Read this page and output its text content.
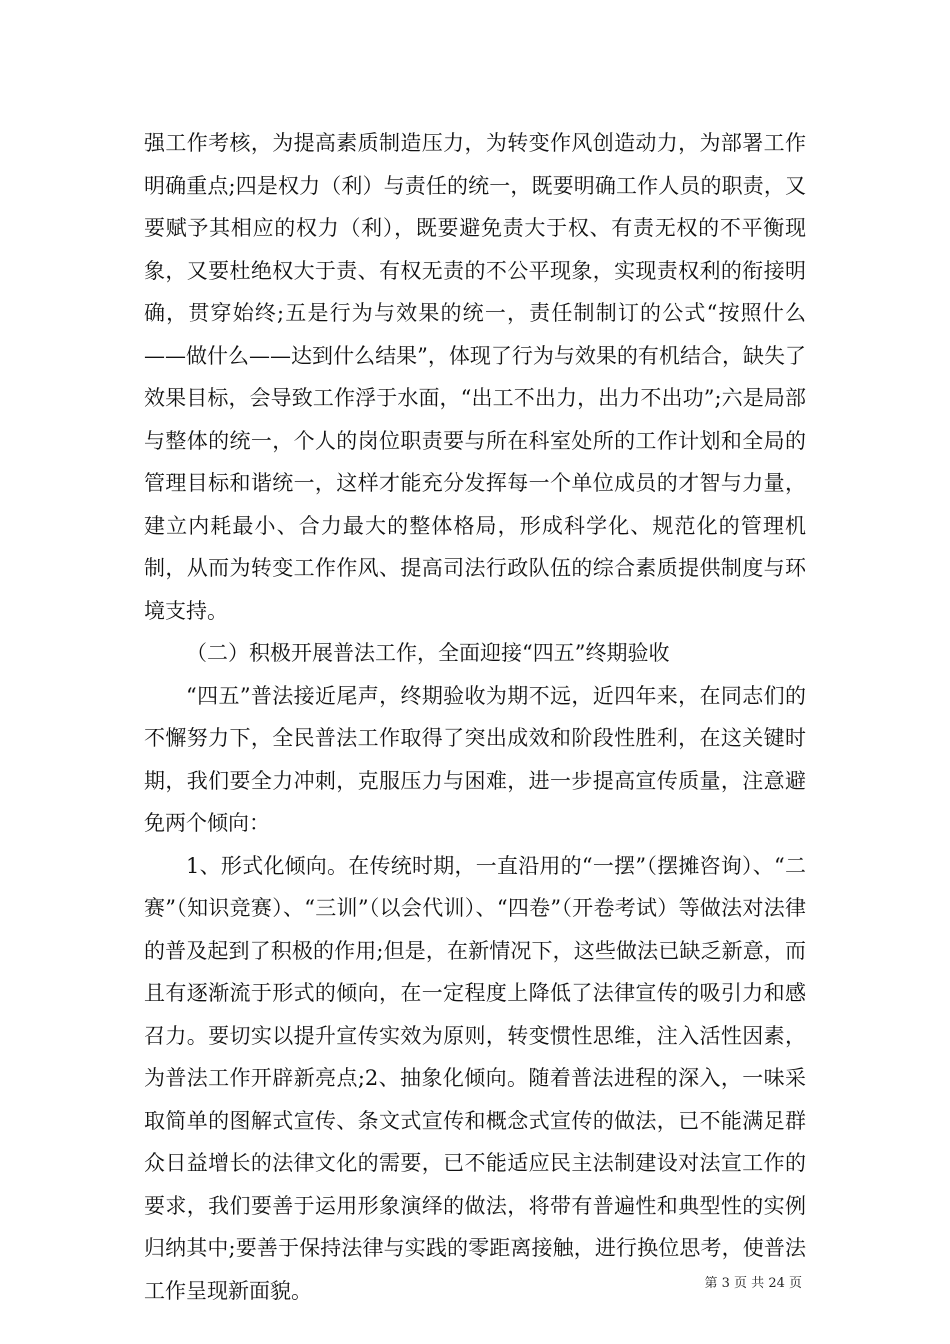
强工作考核，为提高素质制造压力，为转变作风创造动力，为部署工作明确重点;四是权力（利）与责任的统一，既要明确工作人员的职责，又要赋予其相应的权力（利），既要避免责大于权、有责无权的不平衡现象，又要杜绝权大于责、有权无责的不公平现象，实现责权利的衔接明确，贯穿始终;五是行为与效果的统一，责任制制订的公式“按照什么——做什么——达到什么结果”，体现了行为与效果的有机结合，缺失了效果目标，会导致工作浮于水面，“出工不出力，出力不出功”;六是局部与整体的统一，个人的岗位职责要与所在科室处所的工作计划和全局的管理目标和谐统一，这样才能充分发挥每一个单位成员的才智与力量，建立内耗最小、合力最大的整体格局，形成科学化、规范化的管理机制，从而为转变工作作风、提高司法行政队伍的综合素质提供制度与环境支持。

（二）积极开展普法工作，全面迎接“四五”终期验收

“四五”普法接近尾声，终期验收为期不远，近四年来，在同志们的不懈努力下，全民普法工作取得了突出成效和阶段性胜利，在这关键时期，我们要全力冲刺，克服压力与困难，进一步提高宣传质量，注意避免两个倾向：

1、形式化倾向。在传统时期，一直沿用的“一摆”（摆摊咨询）、“二赛”（知识竞赛）、“三训”（以会代训）、“四卷”（开卷考试）等做法对法律的普及起到了积极的作用;但是，在新情况下，这些做法已缺乏新意，而且有逐渐流于形式的倾向，在一定程度上降低了法律宣传的吸引力和感召力。要切实以提升宣传实效为原则，转变惯性思维，注入活性因素，为普法工作开辟新亮点;2、抽象化倾向。随着普法进程的深入，一味采取简单的图解式宣传、条文式宣传和概念式宣传的做法，已不能满足群众日益增长的法律文化的需要，已不能适应民主法制建设对法宣工作的要求，我们要善于运用形象演绎的做法，将带有普遍性和典型性的实例归纳其中;要善于保持法律与实践的零距离接触，进行换位思考，使普法工作呈现新面貌。	第 3 页 共 24 页
